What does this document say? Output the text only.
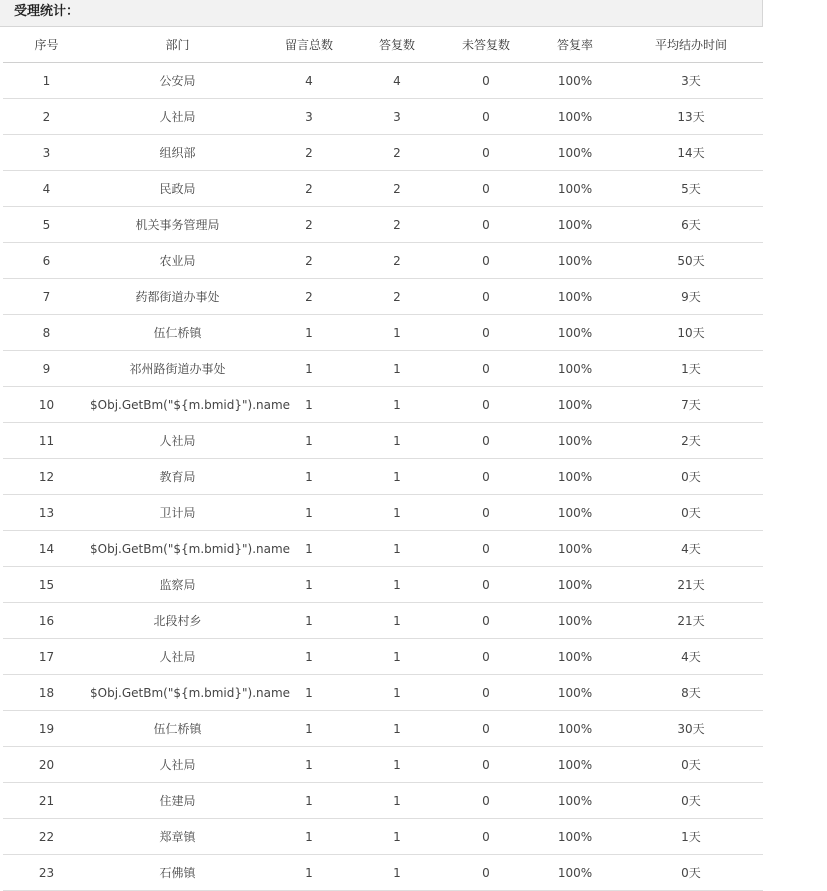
受理统计：
序号	部门	留言总数	答复数	未答复数	答复率	平均结办时间
1	公安局	4	4	0	100%	3天
2	人社局	3	3	0	100%	13天
3	组织部	2	2	0	100%	14天
4	民政局	2	2	0	100%	5天
5	机关事务管理局	2	2	0	100%	6天
6	农业局	2	2	0	100%	50天
7	药都街道办事处	2	2	0	100%	9天
8	伍仁桥镇	1	1	0	100%	10天
9	祁州路街道办事处	1	1	0	100%	1天
10	$Obj.GetBm("${m.bmid}").name	1	1	0	100%	7天
11	人社局	1	1	0	100%	2天
12	教育局	1	1	0	100%	0天
13	卫计局	1	1	0	100%	0天
14	$Obj.GetBm("${m.bmid}").name	1	1	0	100%	4天
15	监察局	1	1	0	100%	21天
16	北段村乡	1	1	0	100%	21天
17	人社局	1	1	0	100%	4天
18	$Obj.GetBm("${m.bmid}").name	1	1	0	100%	8天
19	伍仁桥镇	1	1	0	100%	30天
20	人社局	1	1	0	100%	0天
21	住建局	1	1	0	100%	0天
22	郑章镇	1	1	0	100%	1天
23	石佛镇	1	1	0	100%	0天
